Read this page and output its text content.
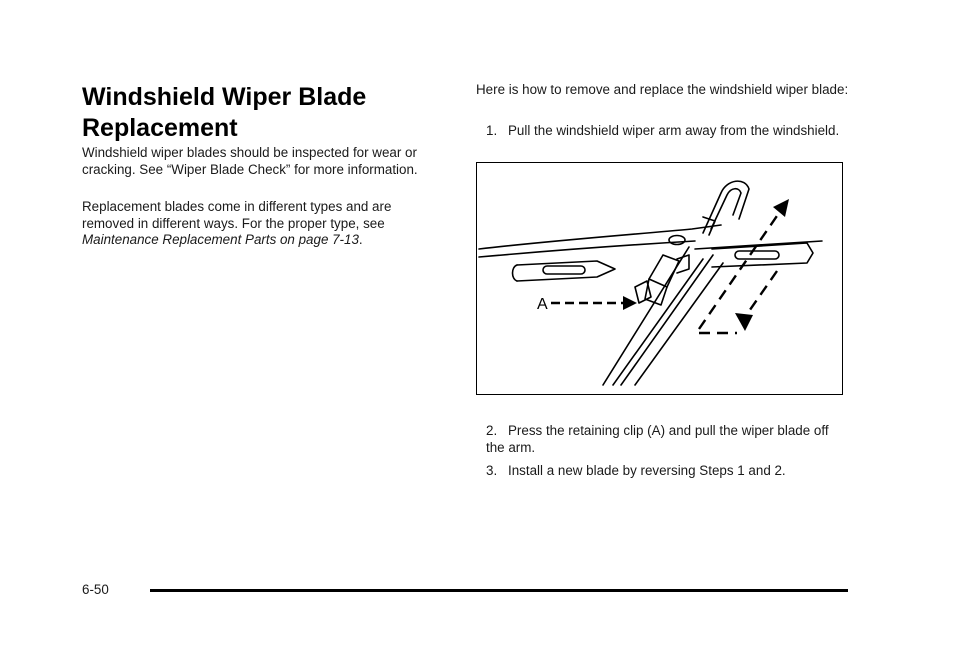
Windshield Wiper Blade Replacement

Windshield wiper blades should be inspected for wear or cracking. See “Wiper Blade Check” for more information.

Replacement blades come in different types and are removed in different ways. For the proper type, see Maintenance Replacement Parts on page 7-13.

Here is how to remove and replace the windshield wiper blade:

1. Pull the windshield wiper arm away from the windshield.
A
2. Press the retaining clip (A) and pull the wiper blade off the arm.
3. Install a new blade by reversing Steps 1 and 2.
6-50
